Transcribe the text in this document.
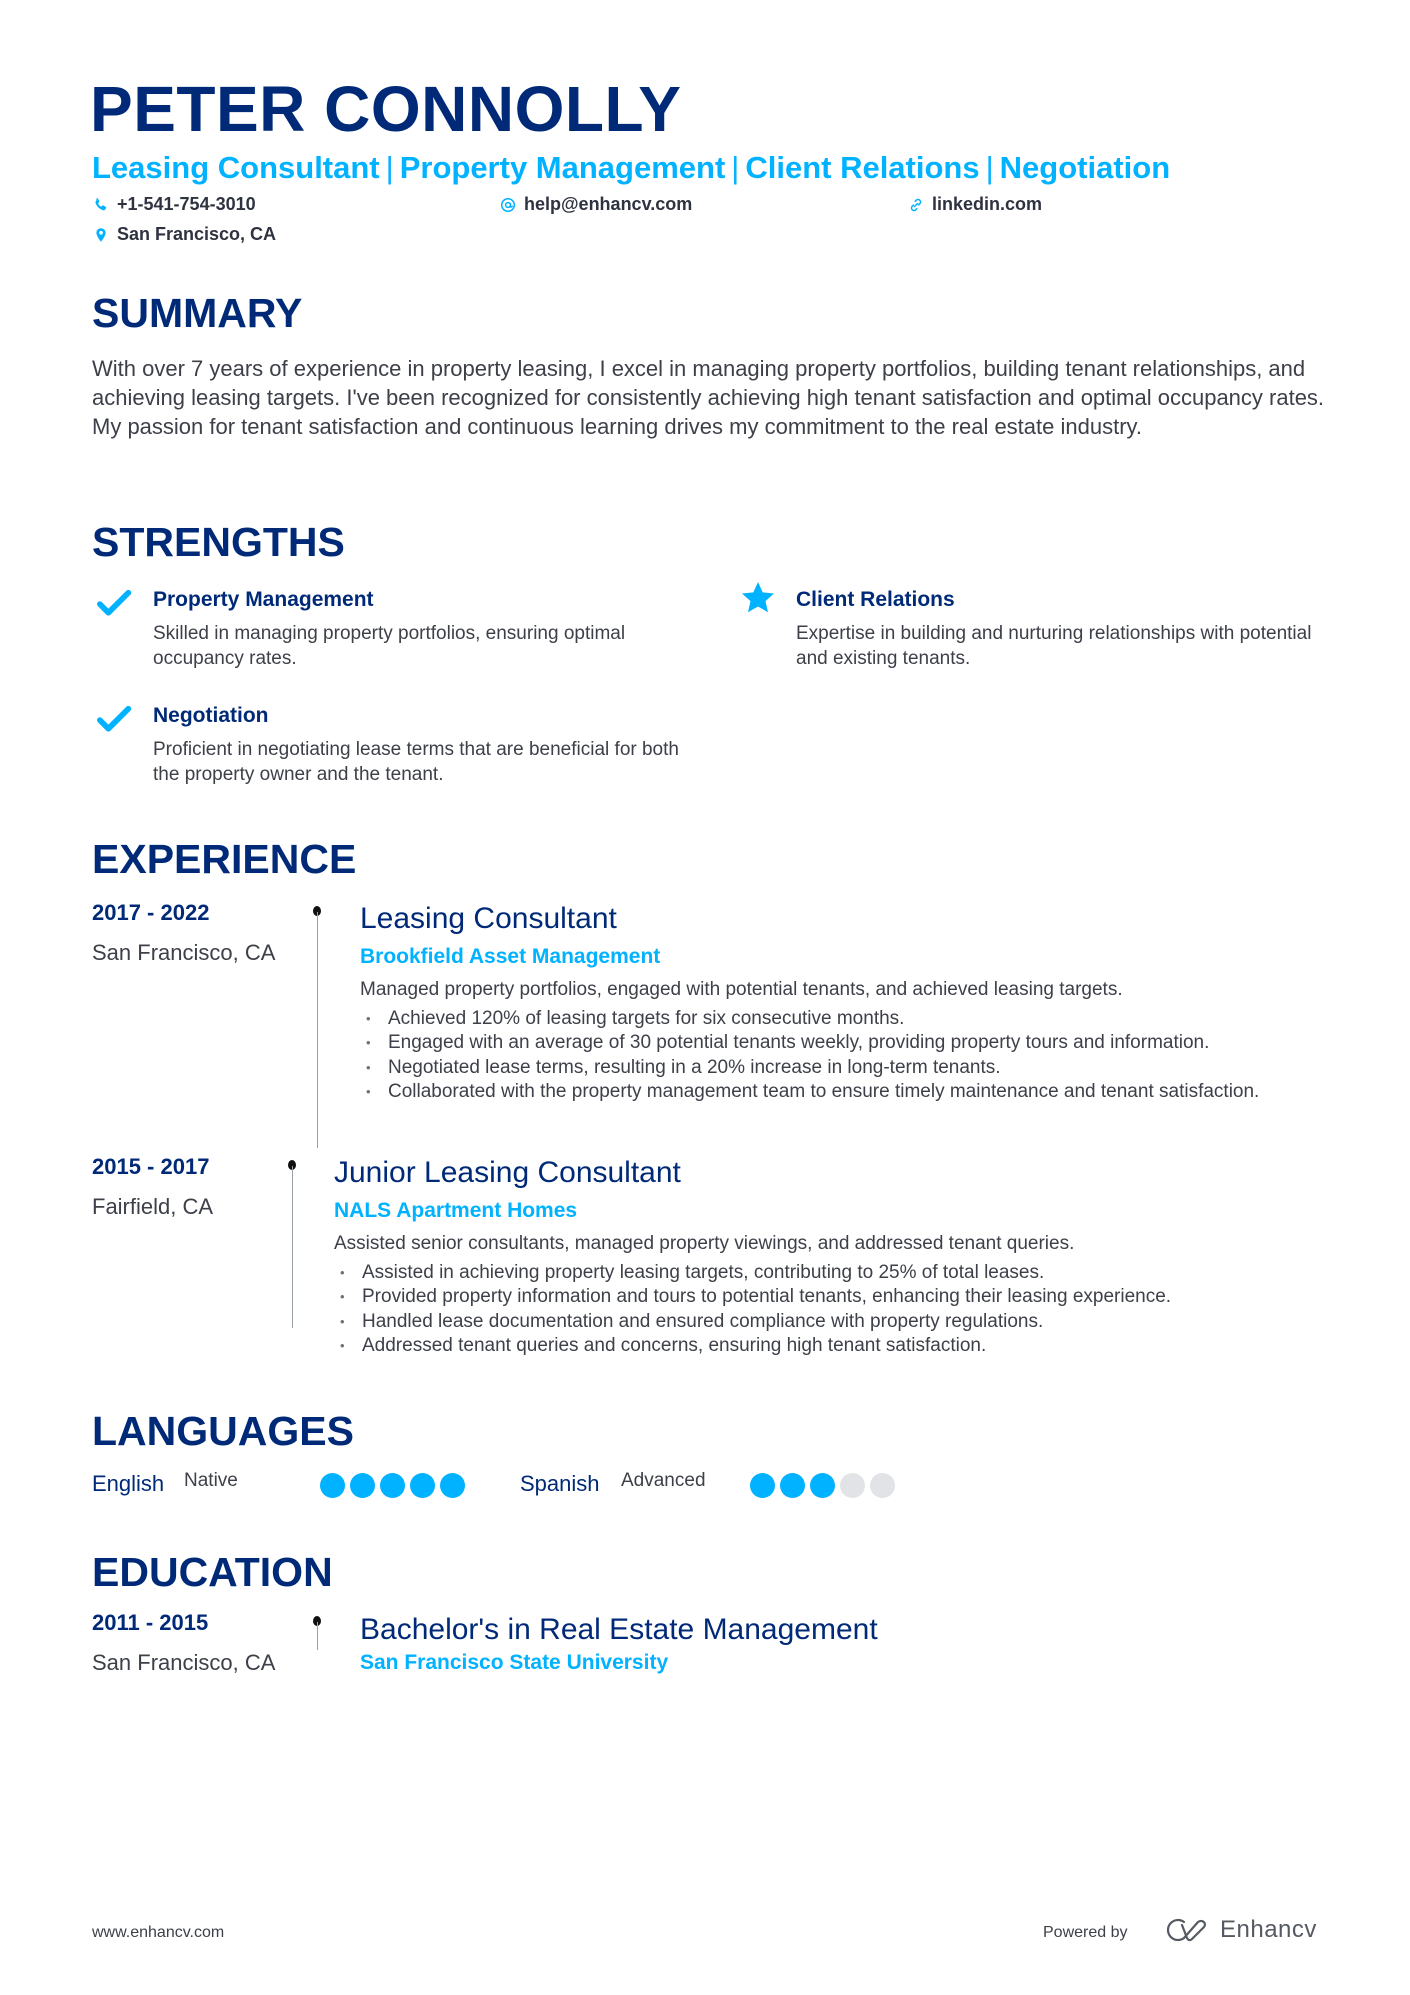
PETER CONNOLLY
Leasing Consultant | Property Management | Client Relations | Negotiation
+1-541-754-3010	help@enhancv.com	linkedin.com
San Francisco, CA
SUMMARY
With over 7 years of experience in property leasing, I excel in managing property portfolios, building tenant relationships, and achieving leasing targets. I've been recognized for consistently achieving high tenant satisfaction and optimal occupancy rates. My passion for tenant satisfaction and continuous learning drives my commitment to the real estate industry.
STRENGTHS
Property Management
Skilled in managing property portfolios, ensuring optimal occupancy rates.
Client Relations
Expertise in building and nurturing relationships with potential and existing tenants.
Negotiation
Proficient in negotiating lease terms that are beneficial for both the property owner and the tenant.
EXPERIENCE
2017 - 2022
San Francisco, CA
Leasing Consultant
Brookfield Asset Management
Managed property portfolios, engaged with potential tenants, and achieved leasing targets.
• Achieved 120% of leasing targets for six consecutive months.
• Engaged with an average of 30 potential tenants weekly, providing property tours and information.
• Negotiated lease terms, resulting in a 20% increase in long-term tenants.
• Collaborated with the property management team to ensure timely maintenance and tenant satisfaction.
2015 - 2017
Fairfield, CA
Junior Leasing Consultant
NALS Apartment Homes
Assisted senior consultants, managed property viewings, and addressed tenant queries.
• Assisted in achieving property leasing targets, contributing to 25% of total leases.
• Provided property information and tours to potential tenants, enhancing their leasing experience.
• Handled lease documentation and ensured compliance with property regulations.
• Addressed tenant queries and concerns, ensuring high tenant satisfaction.
LANGUAGES
English Native	Spanish Advanced
EDUCATION
2011 - 2015
San Francisco, CA
Bachelor's in Real Estate Management
San Francisco State University
www.enhancv.com	Powered by	Enhancv
